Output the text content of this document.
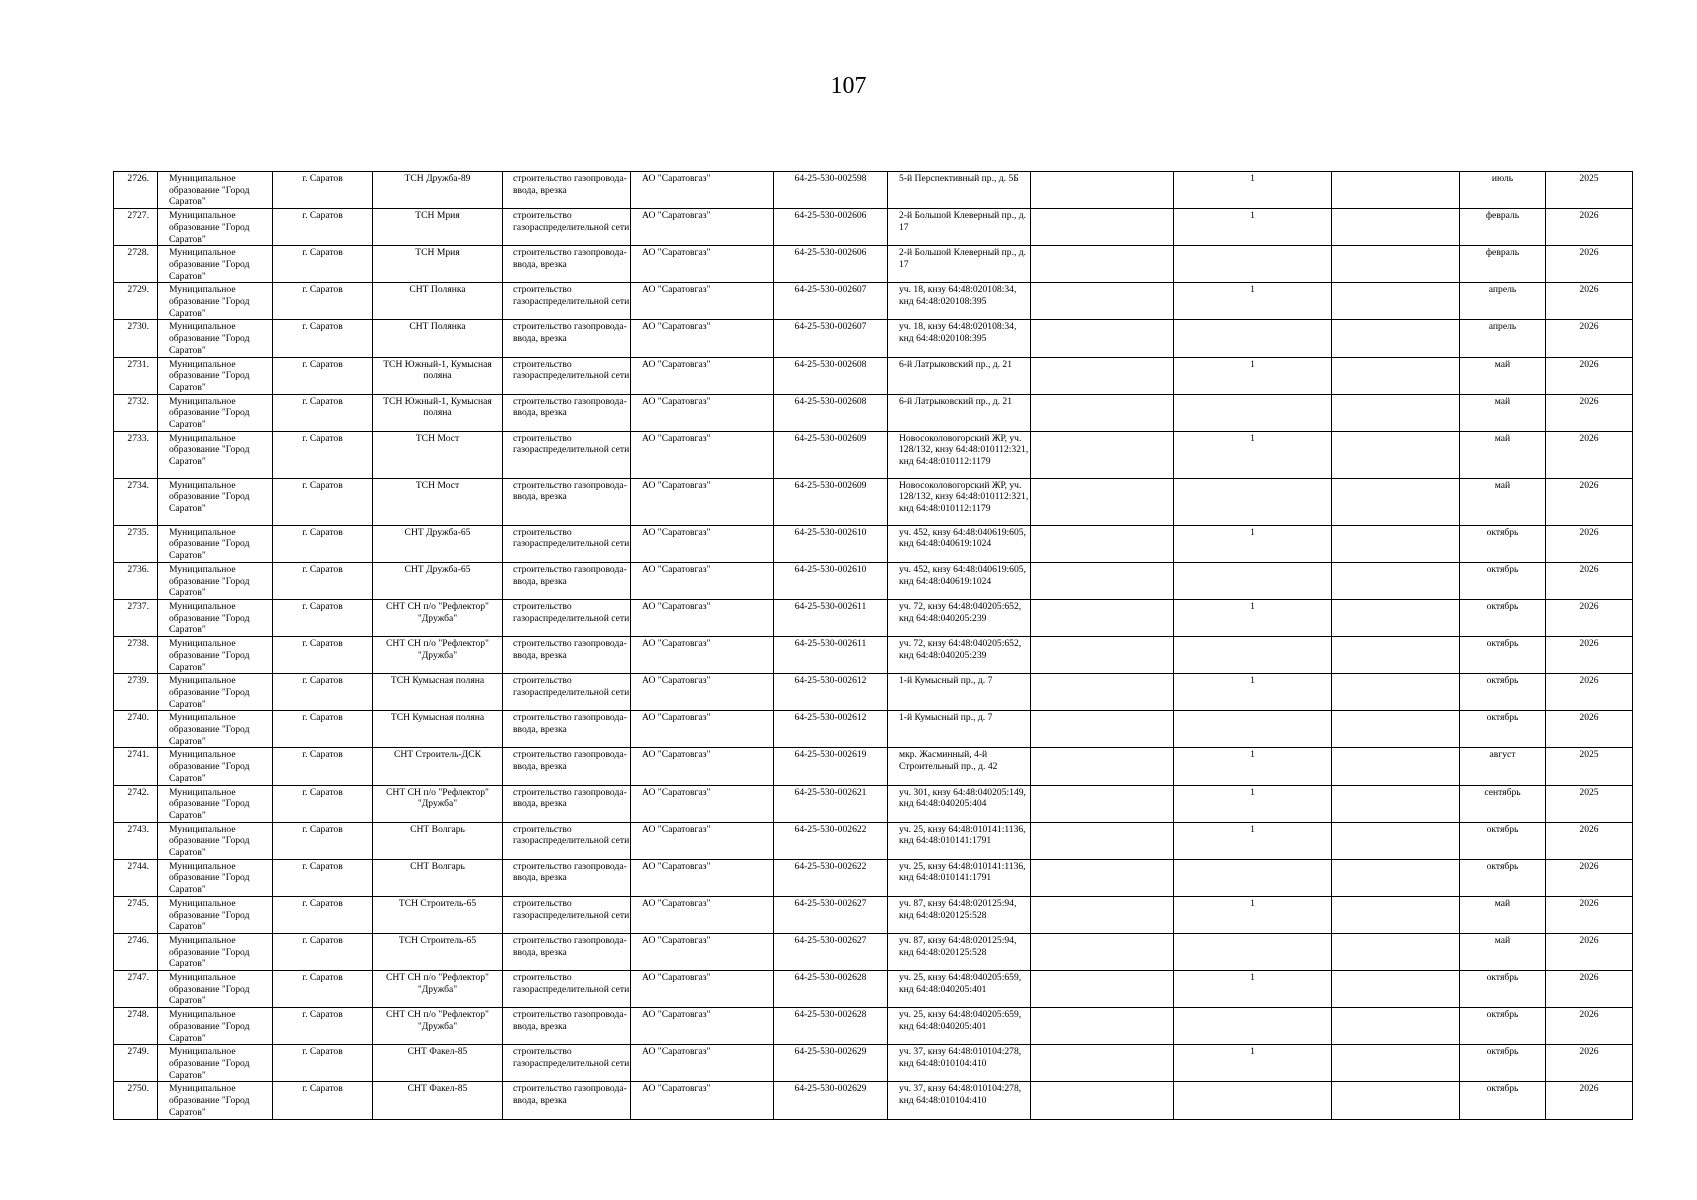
107
2726.	Муниципальное образование "Город Саратов"	г. Саратов	ТСН Дружба-89	строительство газопровода-ввода, врезка	АО "Саратовгаз"	64-25-530-002598	5-й Перспективный пр., д. 5Б		1		июль	2025
2727.	Муниципальное образование "Город Саратов"	г. Саратов	ТСН Мрия	строительство газораспределительной сети	АО "Саратовгаз"	64-25-530-002606	2-й Большой Клеверный пр., д. 17		1		февраль	2026
2728.	Муниципальное образование "Город Саратов"	г. Саратов	ТСН Мрия	строительство газопровода-ввода, врезка	АО "Саратовгаз"	64-25-530-002606	2-й Большой Клеверный пр., д. 17				февраль	2026
2729.	Муниципальное образование "Город Саратов"	г. Саратов	СНТ Полянка	строительство газораспределительной сети	АО "Саратовгаз"	64-25-530-002607	уч. 18, кнзу 64:48:020108:34, кнд 64:48:020108:395		1		апрель	2026
2730.	Муниципальное образование "Город Саратов"	г. Саратов	СНТ Полянка	строительство газопровода-ввода, врезка	АО "Саратовгаз"	64-25-530-002607	уч. 18, кнзу 64:48:020108:34, кнд 64:48:020108:395				апрель	2026
2731.	Муниципальное образование "Город Саратов"	г. Саратов	ТСН Южный-1, Кумысная поляна	строительство газораспределительной сети	АО "Саратовгаз"	64-25-530-002608	6-й Латрыковский пр., д. 21		1		май	2026
2732.	Муниципальное образование "Город Саратов"	г. Саратов	ТСН Южный-1, Кумысная поляна	строительство газопровода-ввода, врезка	АО "Саратовгаз"	64-25-530-002608	6-й Латрыковский пр., д. 21				май	2026
2733.	Муниципальное образование "Город Саратов"	г. Саратов	ТСН Мост	строительство газораспределительной сети	АО "Саратовгаз"	64-25-530-002609	Новосоколовогорский ЖР, уч. 128/132, кнзу 64:48:010112:321, кнд 64:48:010112:1179		1		май	2026
2734.	Муниципальное образование "Город Саратов"	г. Саратов	ТСН Мост	строительство газопровода-ввода, врезка	АО "Саратовгаз"	64-25-530-002609	Новосоколовогорский ЖР, уч. 128/132, кнзу 64:48:010112:321, кнд 64:48:010112:1179				май	2026
2735.	Муниципальное образование "Город Саратов"	г. Саратов	СНТ Дружба-65	строительство газораспределительной сети	АО "Саратовгаз"	64-25-530-002610	уч. 452, кнзу 64:48:040619:605, кнд 64:48:040619:1024		1		октябрь	2026
2736.	Муниципальное образование "Город Саратов"	г. Саратов	СНТ Дружба-65	строительство газопровода-ввода, врезка	АО "Саратовгаз"	64-25-530-002610	уч. 452, кнзу 64:48:040619:605, кнд 64:48:040619:1024				октябрь	2026
2737.	Муниципальное образование "Город Саратов"	г. Саратов	СНТ СН п/о "Рефлектор" "Дружба"	строительство газораспределительной сети	АО "Саратовгаз"	64-25-530-002611	уч. 72, кнзу 64:48:040205:652, кнд 64:48:040205:239		1		октябрь	2026
2738.	Муниципальное образование "Город Саратов"	г. Саратов	СНТ СН п/о "Рефлектор" "Дружба"	строительство газопровода-ввода, врезка	АО "Саратовгаз"	64-25-530-002611	уч. 72, кнзу 64:48:040205:652, кнд 64:48:040205:239				октябрь	2026
2739.	Муниципальное образование "Город Саратов"	г. Саратов	ТСН Кумысная поляна	строительство газораспределительной сети	АО "Саратовгаз"	64-25-530-002612	1-й Кумысный пр., д. 7		1		октябрь	2026
2740.	Муниципальное образование "Город Саратов"	г. Саратов	ТСН Кумысная поляна	строительство газопровода-ввода, врезка	АО "Саратовгаз"	64-25-530-002612	1-й Кумысный пр., д. 7				октябрь	2026
2741.	Муниципальное образование "Город Саратов"	г. Саратов	СНТ Строитель-ДСК	строительство газопровода-ввода, врезка	АО "Саратовгаз"	64-25-530-002619	мкр. Жасминный, 4-й Строительный пр., д. 42		1		август	2025
2742.	Муниципальное образование "Город Саратов"	г. Саратов	СНТ СН п/о "Рефлектор" "Дружба"	строительство газопровода-ввода, врезка	АО "Саратовгаз"	64-25-530-002621	уч. 301, кнзу 64:48:040205:149, кнд 64:48:040205:404		1		сентябрь	2025
2743.	Муниципальное образование "Город Саратов"	г. Саратов	СНТ Волгарь	строительство газораспределительной сети	АО "Саратовгаз"	64-25-530-002622	уч. 25, кнзу 64:48:010141:1136, кнд 64:48:010141:1791		1		октябрь	2026
2744.	Муниципальное образование "Город Саратов"	г. Саратов	СНТ Волгарь	строительство газопровода-ввода, врезка	АО "Саратовгаз"	64-25-530-002622	уч. 25, кнзу 64:48:010141:1136, кнд 64:48:010141:1791				октябрь	2026
2745.	Муниципальное образование "Город Саратов"	г. Саратов	ТСН Строитель-65	строительство газораспределительной сети	АО "Саратовгаз"	64-25-530-002627	уч. 87, кнзу 64:48:020125:94, кнд 64:48:020125:528		1		май	2026
2746.	Муниципальное образование "Город Саратов"	г. Саратов	ТСН Строитель-65	строительство газопровода-ввода, врезка	АО "Саратовгаз"	64-25-530-002627	уч. 87, кнзу 64:48:020125:94, кнд 64:48:020125:528				май	2026
2747.	Муниципальное образование "Город Саратов"	г. Саратов	СНТ СН п/о "Рефлектор" "Дружба"	строительство газораспределительной сети	АО "Саратовгаз"	64-25-530-002628	уч. 25, кнзу 64:48:040205:659, кнд 64:48:040205:401		1		октябрь	2026
2748.	Муниципальное образование "Город Саратов"	г. Саратов	СНТ СН п/о "Рефлектор" "Дружба"	строительство газопровода-ввода, врезка	АО "Саратовгаз"	64-25-530-002628	уч. 25, кнзу 64:48:040205:659, кнд 64:48:040205:401				октябрь	2026
2749.	Муниципальное образование "Город Саратов"	г. Саратов	СНТ Факел-85	строительство газораспределительной сети	АО "Саратовгаз"	64-25-530-002629	уч. 37, кнзу 64:48:010104:278, кнд 64:48:010104:410		1		октябрь	2026
2750.	Муниципальное образование "Город Саратов"	г. Саратов	СНТ Факел-85	строительство газопровода-ввода, врезка	АО "Саратовгаз"	64-25-530-002629	уч. 37, кнзу 64:48:010104:278, кнд 64:48:010104:410				октябрь	2026
